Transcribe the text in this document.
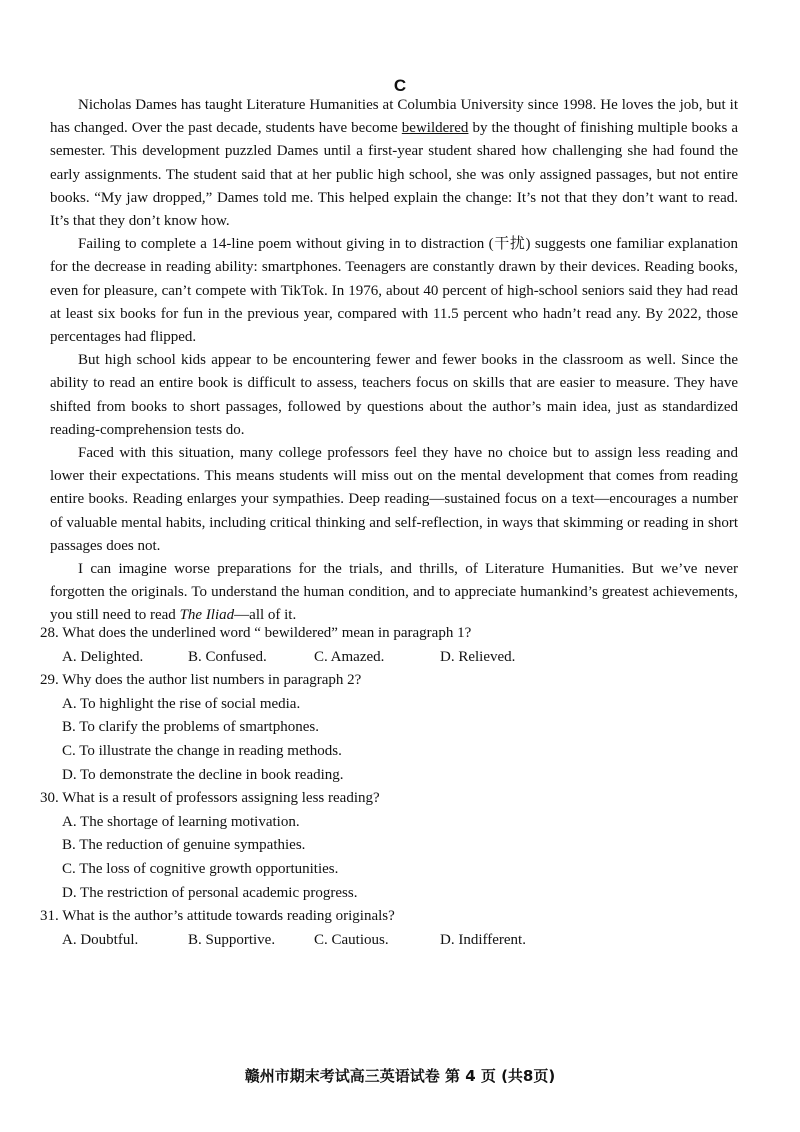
C

Nicholas Dames has taught Literature Humanities at Columbia University since 1998. He loves the job, but it has changed. Over the past decade, students have become bewildered by the thought of finishing multiple books a semester. This development puzzled Dames until a first-year student shared how challenging she had found the early assignments. The student said that at her public high school, she was only assigned passages, but not entire books. “My jaw dropped,” Dames told me. This helped explain the change: It’s not that they don’t want to read. It’s that they don’t know how.

Failing to complete a 14-line poem without giving in to distraction (干扰) suggests one familiar explanation for the decrease in reading ability: smartphones. Teenagers are constantly drawn by their devices. Reading books, even for pleasure, can’t compete with TikTok. In 1976, about 40 percent of high-school seniors said they had read at least six books for fun in the previous year, compared with 11.5 percent who hadn’t read any. By 2022, those percentages had flipped.

But high school kids appear to be encountering fewer and fewer books in the classroom as well. Since the ability to read an entire book is difficult to assess, teachers focus on skills that are easier to measure. They have shifted from books to short passages, followed by questions about the author’s main idea, just as standardized reading-comprehension tests do.

Faced with this situation, many college professors feel they have no choice but to assign less reading and lower their expectations. This means students will miss out on the mental development that comes from reading entire books. Reading enlarges your sympathies. Deep reading—sustained focus on a text—encourages a number of valuable mental habits, including critical thinking and self-reflection, in ways that skimming or reading in short passages does not.

I can imagine worse preparations for the trials, and thrills, of Literature Humanities. But we’ve never forgotten the originals. To understand the human condition, and to appreciate humankind’s greatest achievements, you still need to read The Iliad—all of it.

28. What does the underlined word “ bewildered” mean in paragraph 1?
A. Delighted.	B. Confused.	C. Amazed.	D. Relieved.
29. Why does the author list numbers in paragraph 2?
A. To highlight the rise of social media.
B. To clarify the problems of smartphones.
C. To illustrate the change in reading methods.
D. To demonstrate the decline in book reading.
30. What is a result of professors assigning less reading?
A. The shortage of learning motivation.
B. The reduction of genuine sympathies.
C. The loss of cognitive growth opportunities.
D. The restriction of personal academic progress.
31. What is the author’s attitude towards reading originals?
A. Doubtful.	B. Supportive.	C. Cautious.	D. Indifferent.
赣州市期末考试高三英语试卷 第 4 页 (共8页)
